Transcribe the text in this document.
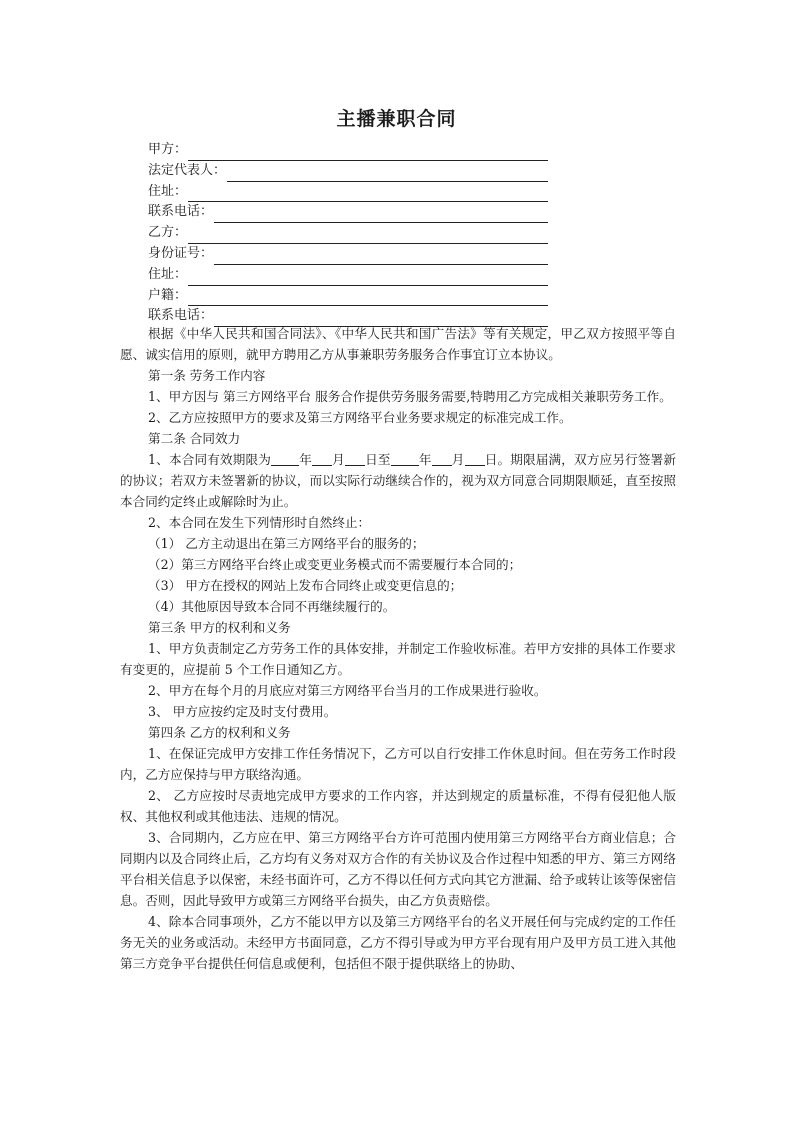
主播兼职合同
甲方：
法定代表人：
住址：
联系电话：
乙方：
身份证号：
住址：
户籍：
联系电话：

根据《中华人民共和国合同法》、《中华人民共和国广告法》等有关规定，甲乙双方按照平等自愿、诚实信用的原则，就甲方聘用乙方从事兼职劳务服务合作事宜订立本协议。

第一条 劳务工作内容

1、甲方因与 第三方网络平台 服务合作提供劳务服务需要,特聘用乙方完成相关兼职劳务工作。

2、乙方应按照甲方的要求及第三方网络平台业务要求规定的标准完成工作。

第二条 合同效力

1、本合同有效期限为 年 月 日至 年 月 日。期限届满，双方应另行签署新的协议；若双方未签署新的协议，而以实际行动继续合作的，视为双方同意合同期限顺延，直至按照本合同约定终止或解除时为止。

2、本合同在发生下列情形时自然终止：

（1） 乙方主动退出在第三方网络平台的服务的；

（2）第三方网络平台终止或变更业务模式而不需要履行本合同的；

（3） 甲方在授权的网站上发布合同终止或变更信息的；

（4）其他原因导致本合同不再继续履行的。

第三条 甲方的权利和义务

1、甲方负责制定乙方劳务工作的具体安排，并制定工作验收标准。若甲方安排的具体工作要求有变更的，应提前 5 个工作日通知乙方。

2、甲方在每个月的月底应对第三方网络平台当月的工作成果进行验收。

3、 甲方应按约定及时支付费用。

第四条 乙方的权利和义务

1、在保证完成甲方安排工作任务情况下，乙方可以自行安排工作休息时间。但在劳务工作时段内，乙方应保持与甲方联络沟通。

2、 乙方应按时尽责地完成甲方要求的工作内容，并达到规定的质量标准，不得有侵犯他人版权、其他权利或其他违法、违规的情况。

3、合同期内，乙方应在甲、第三方网络平台方许可范围内使用第三方网络平台方商业信息；合同期内以及合同终止后，乙方均有义务对双方合作的有关协议及合作过程中知悉的甲方、第三方网络平台相关信息予以保密，未经书面许可，乙方不得以任何方式向其它方泄漏、给予或转让该等保密信息。否则，因此导致甲方或第三方网络平台损失，由乙方负责赔偿。

4、除本合同事项外，乙方不能以甲方以及第三方网络平台的名义开展任何与完成约定的工作任务无关的业务或活动。未经甲方书面同意，乙方不得引导或为甲方平台现有用户及甲方员工进入其他第三方竞争平台提供任何信息或便利，包括但不限于提供联络上的协助、
